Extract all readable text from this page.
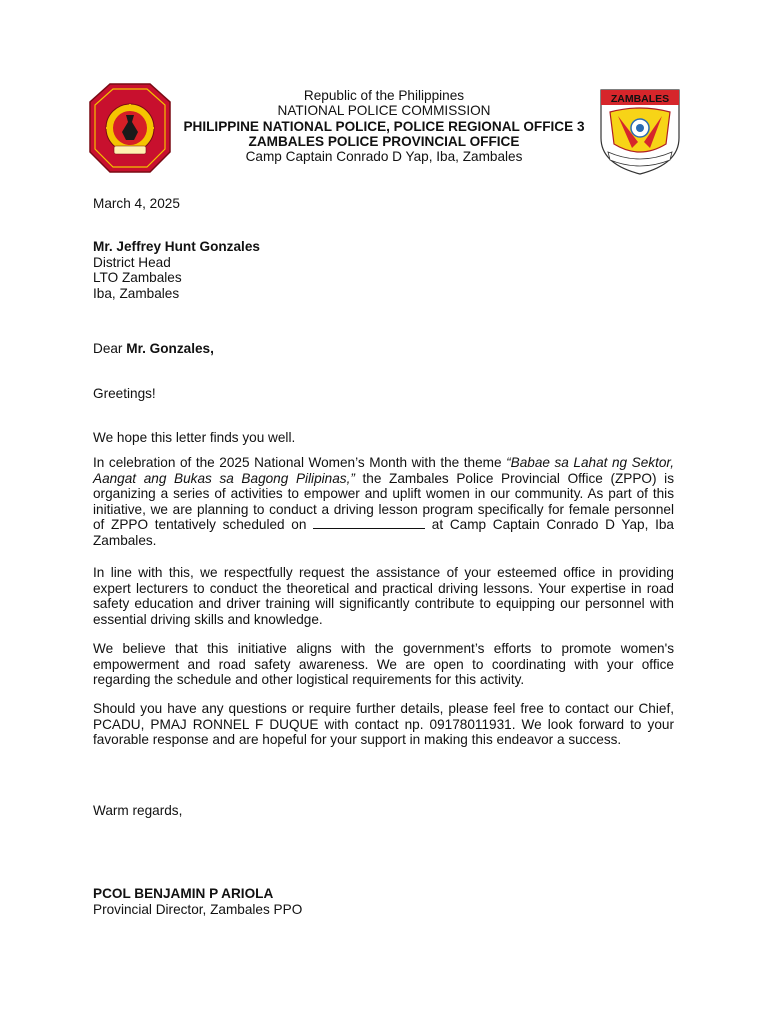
Republic of the Philippines
NATIONAL POLICE COMMISSION
PHILIPPINE NATIONAL POLICE, POLICE REGIONAL OFFICE 3
ZAMBALES POLICE PROVINCIAL OFFICE
Camp Captain Conrado D Yap, Iba, Zambales
ZAMBALES
March 4, 2025
Mr. Jeffrey Hunt Gonzales
District Head
LTO Zambales
Iba, Zambales
Dear Mr. Gonzales,
Greetings!
We hope this letter finds you well.
In celebration of the 2025 National Women’s Month with the theme “Babae sa Lahat ng Sektor, Aangat ang Bukas sa Bagong Pilipinas,” the Zambales Police Provincial Office (ZPPO) is organizing a series of activities to empower and uplift women in our community. As part of this initiative, we are planning to conduct a driving lesson program specifically for female personnel of ZPPO tentatively scheduled on	at Camp Captain Conrado D Yap, Iba Zambales.
In line with this, we respectfully request the assistance of your esteemed office in providing expert lecturers to conduct the theoretical and practical driving lessons. Your expertise in road safety education and driver training will significantly contribute to equipping our personnel with essential driving skills and knowledge.
We believe that this initiative aligns with the government’s efforts to promote women's empowerment and road safety awareness. We are open to coordinating with your office regarding the schedule and other logistical requirements for this activity.
Should you have any questions or require further details, please feel free to contact our Chief, PCADU, PMAJ RONNEL F DUQUE with contact np. 09178011931. We look forward to your favorable response and are hopeful for your support in making this endeavor a success.
Warm regards,
PCOL BENJAMIN P ARIOLA
Provincial Director, Zambales PPO
